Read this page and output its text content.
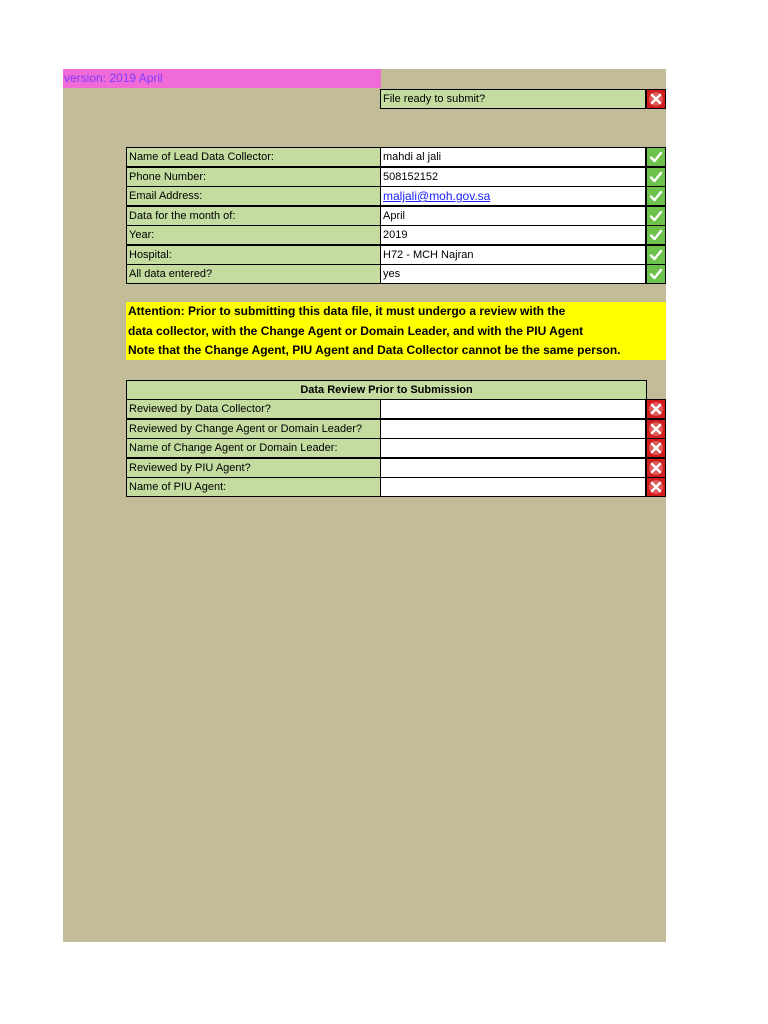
version: 2019 April
File ready to submit?
Name of Lead Data Collector:	mahdi al jali
Phone Number:	508152152
Email Address:	maljali@moh.gov.sa
Data for the month of:	April
Year:	2019
Hospital:	H72 - MCH Najran
All data entered?	yes
Attention: Prior to submitting this data file, it must undergo a review with the
data collector, with the Change Agent or Domain Leader, and with the PIU Agent
Note that the Change Agent, PIU Agent and Data Collector cannot be the same person.
Data Review Prior to Submission
Reviewed by Data Collector?
Reviewed by Change Agent or Domain Leader?
Name of Change Agent or Domain Leader:
Reviewed by PIU Agent?
Name of PIU Agent:
